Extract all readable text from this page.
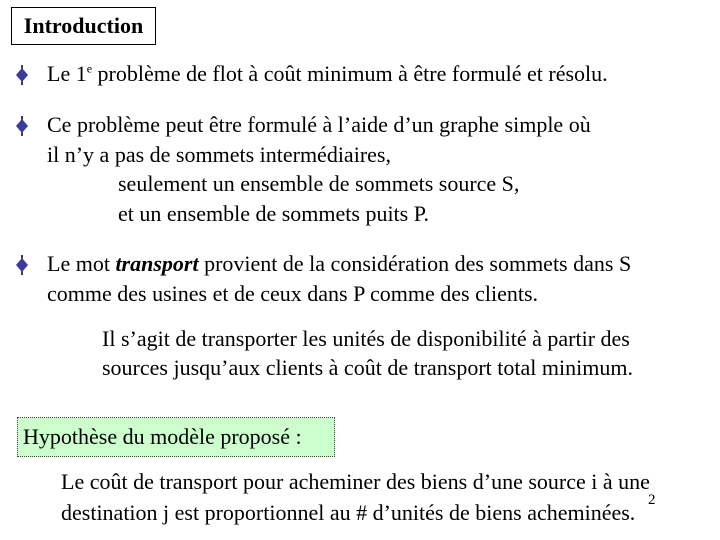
Introduction
Le 1e problème de flot à coût minimum à être formulé et résolu.
Ce problème peut être formulé à l’aide d’un graphe simple où
il n’y a pas de sommets intermédiaires,
seulement un ensemble de sommets source S,
et un ensemble de sommets puits P.
Le mot transport provient de la considération des sommets dans S
comme des usines et de ceux dans P comme des clients.
Il s’agit de transporter les unités de disponibilité à partir des
sources jusqu’aux clients à coût de transport total minimum.
Hypothèse du modèle proposé :
Le coût de transport pour acheminer des biens d’une source i à une
destination j est proportionnel au # d’unités de biens acheminées. 2
